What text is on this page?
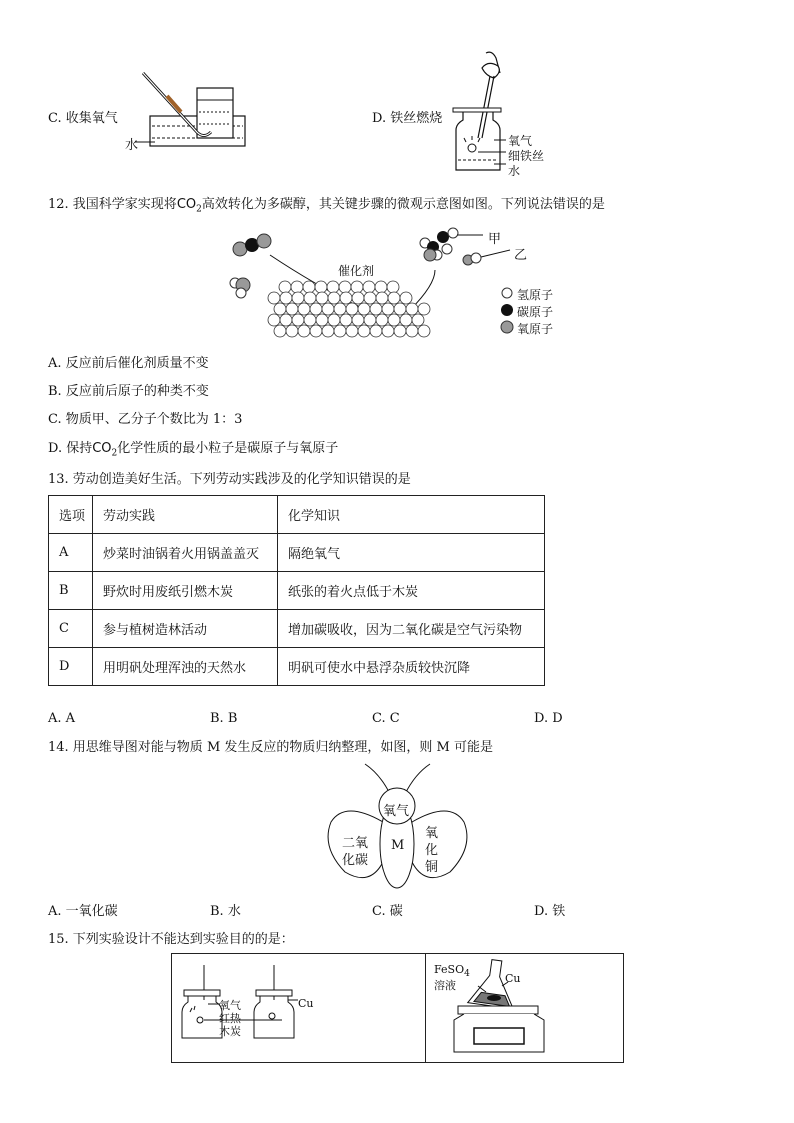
C. 收集氧气
水
D. 铁丝燃烧
氧气
细铁丝
水
12. 我国科学家实现将$CO_2$高效转化为多碳醇，其关键步骤的微观示意图如图。下列说法错误的是
催化剂
甲
乙
氢原子
碳原子
氧原子
A. 反应前后催化剂质量不变
B. 反应前后原子的种类不变
C. 物质甲、乙分子个数比为 1：3
D. 保持$CO_2$化学性质的最小粒子是碳原子与氧原子
13. 劳动创造美好生活。下列劳动实践涉及的化学知识错误的是
选项	劳动实践	化学知识
A	炒菜时油锅着火用锅盖盖灭	隔绝氧气
B	野炊时用废纸引燃木炭	纸张的着火点低于木炭
C	参与植树造林活动	增加碳吸收，因为二氧化碳是空气污染物
D	用明矾处理浑浊的天然水	明矾可使水中悬浮杂质较快沉降
A. A	B. B	C. C	D. D
14. 用思维导图对能与物质 M 发生反应的物质归纳整理，如图，则 M 可能是
氧气
M
二氧
化碳
氧
化
铜
A. 一氧化碳	B. 水	C. 碳	D. 铁
15. 下列实验设计不能达到实验目的的是：
氧气
红热
木炭
Cu
FeSO$_4$
溶液
Cu
